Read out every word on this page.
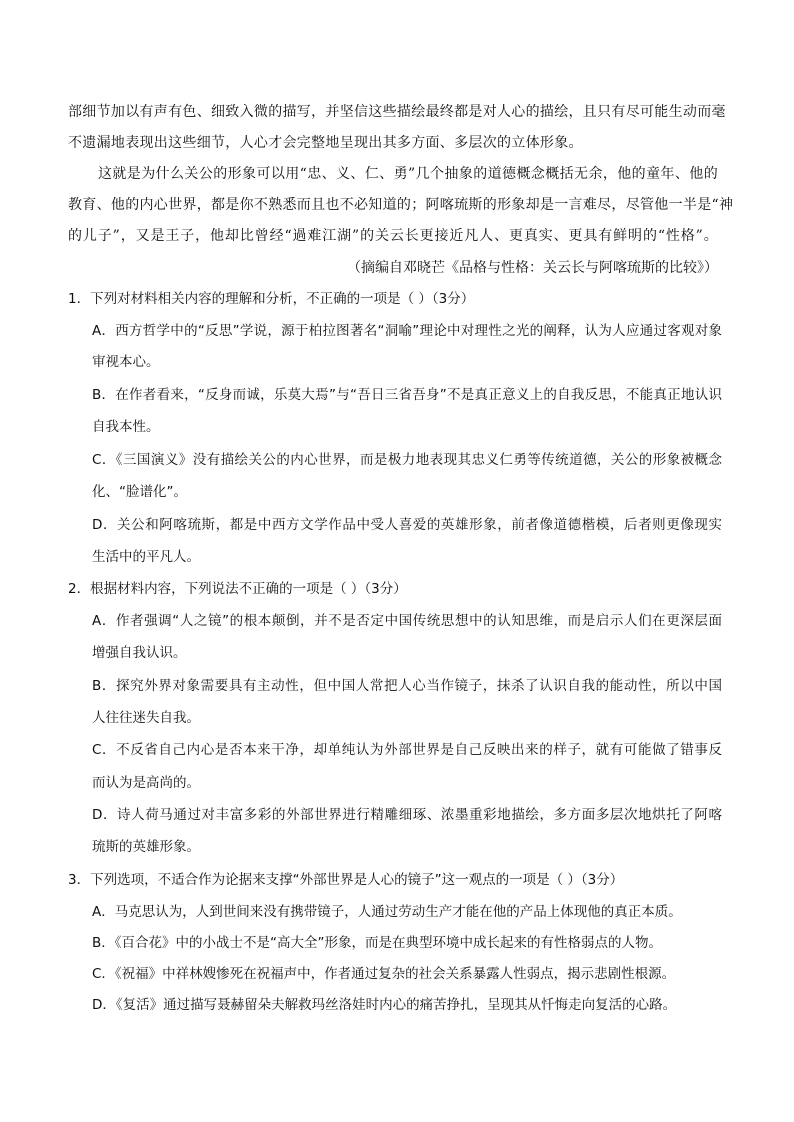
部细节加以有声有色、细致入微的描写，并坚信这些描绘最终都是对人心的描绘，且只有尽可能生动而毫
不遗漏地表现出这些细节，人心才会完整地呈现出其多方面、多层次的立体形象。
这就是为什么关公的形象可以用“忠、义、仁、勇”几个抽象的道德概念概括无余，他的童年、他的
教育、他的内心世界，都是你不熟悉而且也不必知道的；阿喀琉斯的形象却是一言难尽，尽管他一半是“神
的儿子”，又是王子，他却比曾经“過难江湖”的关云长更接近凡人、更真实、更具有鲜明的“性格”。
（摘编自邓晓芒《品格与性格：关云长与阿喀琉斯的比较》）
1．下列对材料相关内容的理解和分析，不正确的一项是（ ）（3分）
A．西方哲学中的“反思”学说，源于柏拉图著名“洞喻”理论中对理性之光的阐释，认为人应通过客观对象
审视本心。
B．在作者看来，“反身而诚，乐莫大焉”与“吾日三省吾身”不是真正意义上的自我反思，不能真正地认识
自我本性。
C．《三国演义》没有描绘关公的内心世界，而是极力地表现其忠义仁勇等传统道德，关公的形象被概念
化、“脸谱化”。
D．关公和阿喀琉斯，都是中西方文学作品中受人喜爱的英雄形象，前者像道德楷模，后者则更像现实
生活中的平凡人。
2．根据材料内容，下列说法不正确的一项是（ ）（3分）
A．作者强调“人之镜”的根本颠倒，并不是否定中国传统思想中的认知思维，而是启示人们在更深层面
增强自我认识。
B．探究外界对象需要具有主动性，但中国人常把人心当作镜子，抹杀了认识自我的能动性，所以中国
人往往迷失自我。
C．不反省自己内心是否本来干净，却单纯认为外部世界是自己反映出来的样子，就有可能做了错事反
而认为是高尚的。
D．诗人荷马通过对丰富多彩的外部世界进行精雕细琢、浓墨重彩地描绘，多方面多层次地烘托了阿喀
琉斯的英雄形象。
3．下列选项，不适合作为论据来支撑“外部世界是人心的镜子”这一观点的一项是（ ）（3分）
A．马克思认为，人到世间来没有携带镜子，人通过劳动生产才能在他的产品上体现他的真正本质。
B．《百合花》中的小战士不是“高大全”形象，而是在典型环境中成长起来的有性格弱点的人物。
C．《祝福》中祥林嫂惨死在祝福声中，作者通过复杂的社会关系暴露人性弱点，揭示悲剧性根源。
D．《复活》通过描写聂赫留朵夫解救玛丝洛娃时内心的痛苦挣扎，呈现其从忏悔走向复活的心路。
